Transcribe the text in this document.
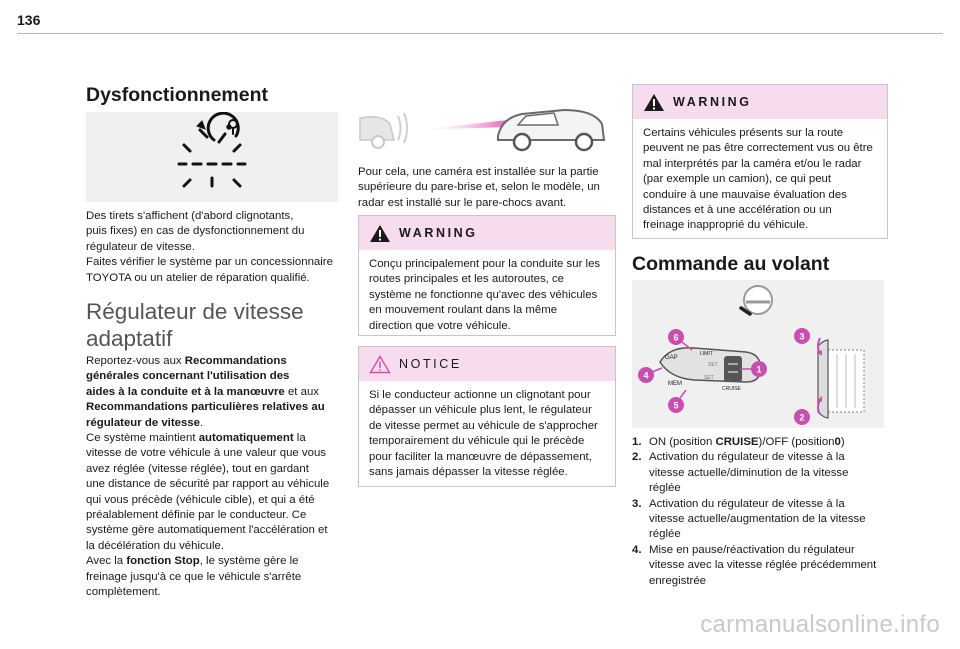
136
Dysfonctionnement

Des tirets s'affichent (d'abord clignotants,
puis fixes) en cas de dysfonctionnement du
régulateur de vitesse.
Faites vérifier le système par un concessionnaire
TOYOTA ou un atelier de réparation qualifié.

Régulateur de vitesse
adaptatif

Reportez-vous aux Recommandations
générales concernant l'utilisation des
aides à la conduite et à la manœuvre et aux
Recommandations particulières relatives au
régulateur de vitesse.
Ce système maintient automatiquement la
vitesse de votre véhicule à une valeur que vous
avez réglée (vitesse réglée), tout en gardant
une distance de sécurité par rapport au véhicule
qui vous précède (véhicule cible), et qui a été
préalablement définie par le conducteur. Ce
système gère automatiquement l'accélération et
la décélération du véhicule.
Avec la fonction Stop, le système gère le
freinage jusqu'à ce que le véhicule s'arrête
complètement.

Pour cela, une caméra est installée sur la partie
supérieure du pare-brise et, selon le modèle, un
radar est installé sur le pare-chocs avant.

WARNING
Conçu principalement pour la conduite sur les
routes principales et les autoroutes, ce
système ne fonctionne qu'avec des véhicules
en mouvement roulant dans la même
direction que votre véhicule.
NOTICE
Si le conducteur actionne un clignotant pour
dépasser un véhicule plus lent, le régulateur
de vitesse permet au véhicule de s'approcher
temporairement du véhicule qui le précède
pour faciliter la manœuvre de dépassement,
sans jamais dépasser la vitesse réglée.
WARNING
Certains véhicules présents sur la route
peuvent ne pas être correctement vus ou être
mal interprétés par la caméra et/ou le radar
(par exemple un camion), ce qui peut
conduire à une mauvaise évaluation des
distances et à une accélération ou un
freinage inapproprié du véhicule.
Commande au volant
GAP
LIMIT
SET
SET
CRUISE
MEM
6
4
5
1
3
2
1. ON (position CRUISE)/OFF (position0)
2. Activation du régulateur de vitesse à la
vitesse actuelle/diminution de la vitesse
réglée
3. Activation du régulateur de vitesse à la
vitesse actuelle/augmentation de la vitesse
réglée
4. Mise en pause/réactivation du régulateur
vitesse avec la vitesse réglée précédemment
enregistrée
carmanualsonline.info
